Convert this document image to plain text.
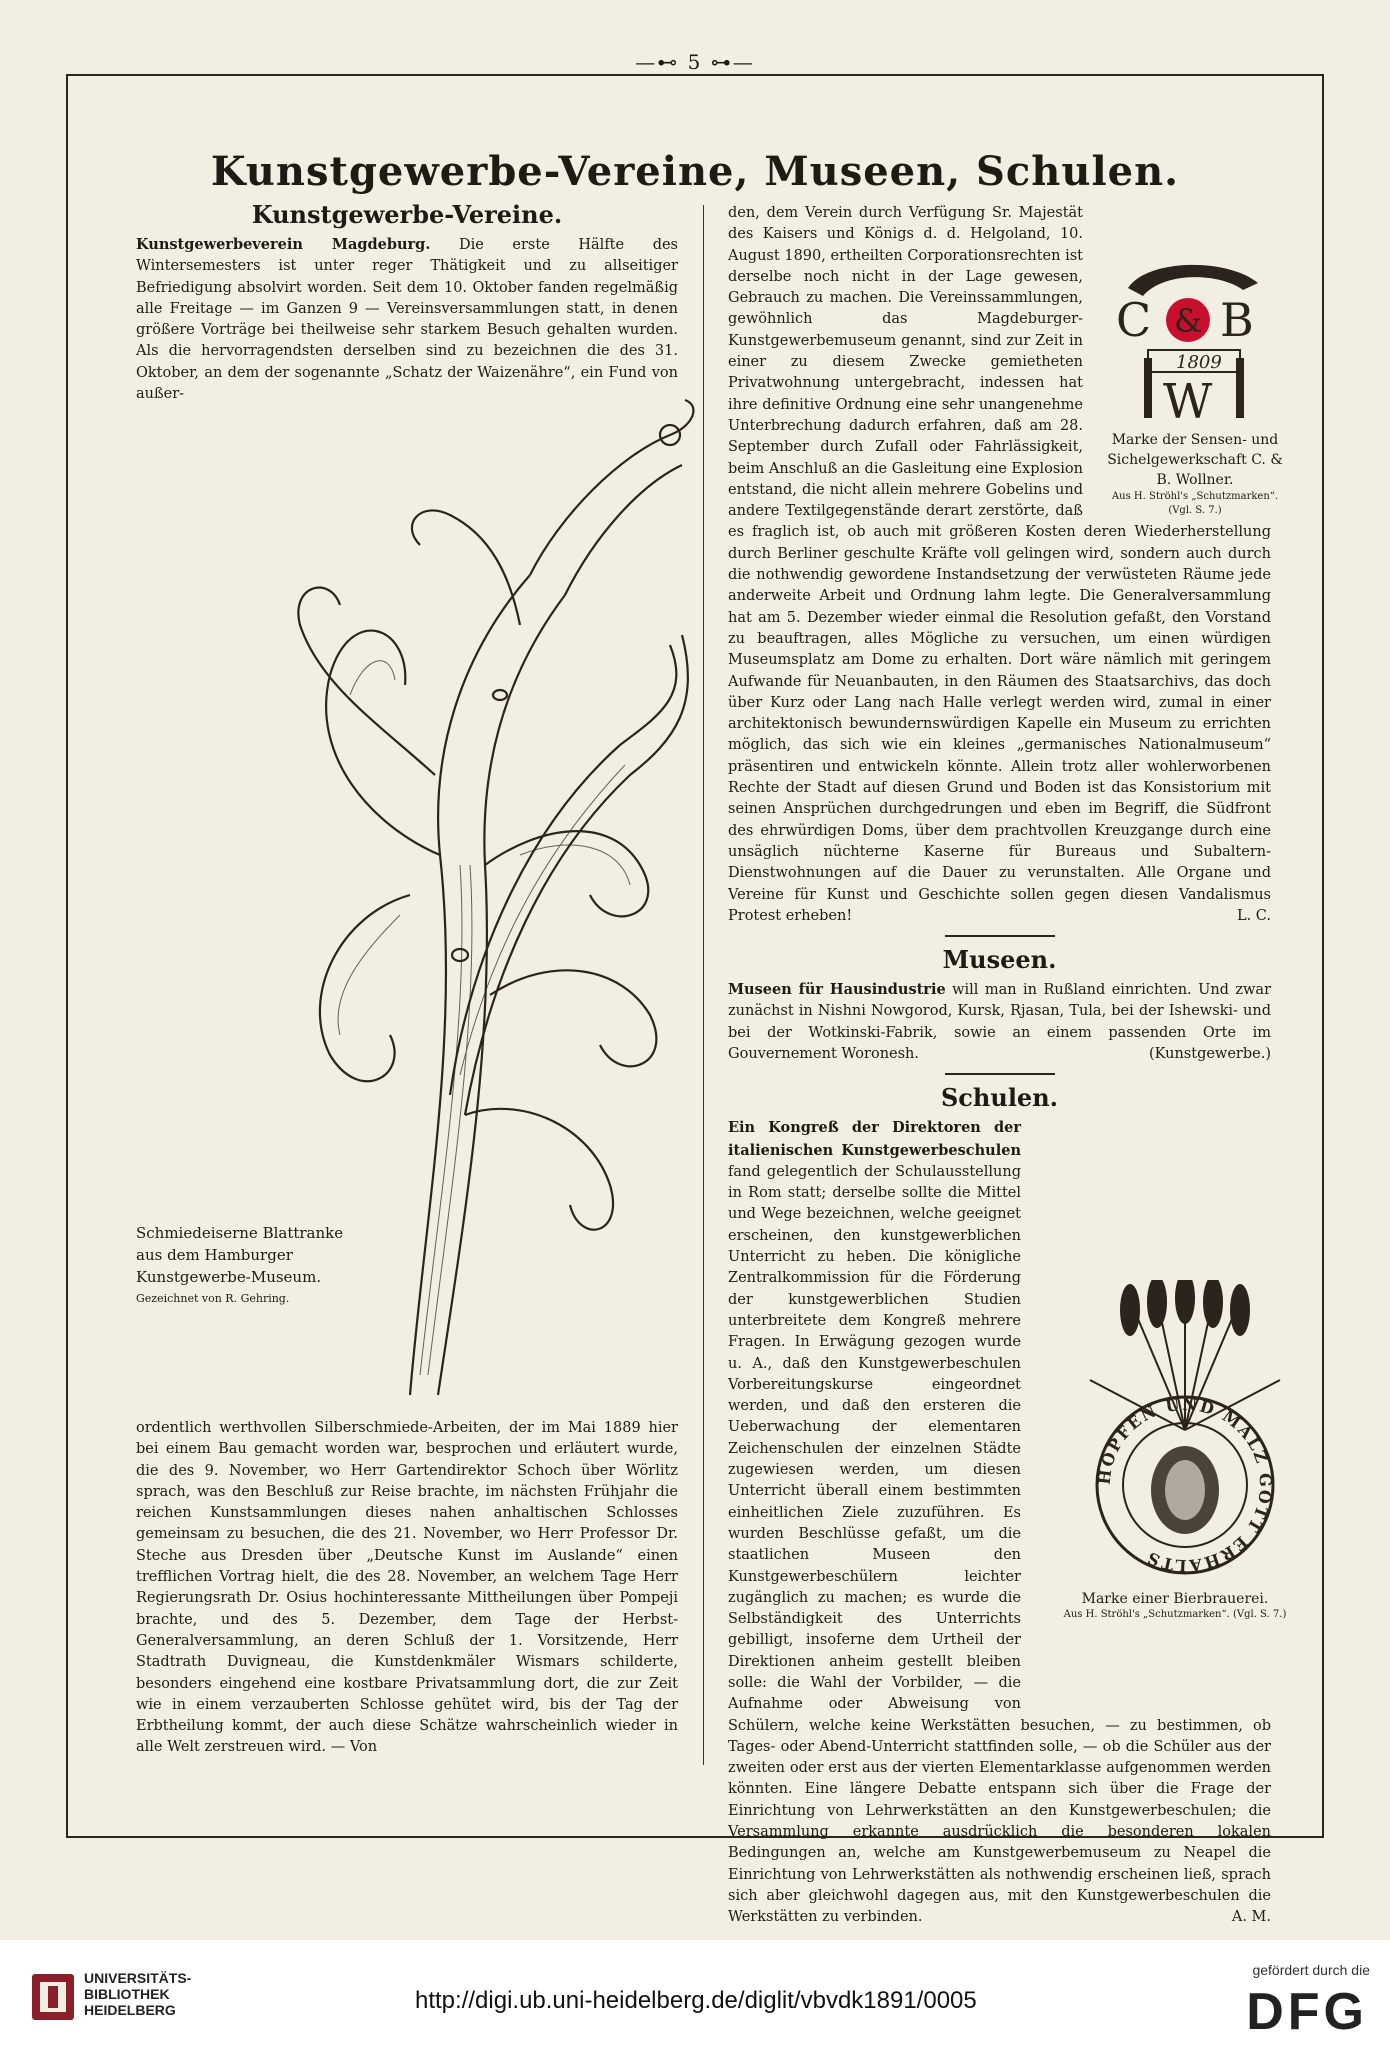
—⊷ 5 ⊶—
Kunstgewerbe-Vereine, Museen, Schulen.
Kunstgewerbe-Vereine.

Kunstgewerbeverein Magdeburg. Die erste Hälfte des Wintersemesters ist unter reger Thätigkeit und zu allseitiger Befriedigung absolvirt worden. Seit dem 10. Oktober fanden regelmäßig alle Freitage — im Ganzen 9 — Vereinsversammlungen statt, in denen größere Vorträge bei theilweise sehr starkem Besuch gehalten wurden. Als die hervorragendsten derselben sind zu bezeichnen die des 31. Oktober, an dem der sogenannte „Schatz der Waizenähre“, ein Fund von außer-

Schmiedeiserne Blattranke aus dem Hamburger Kunstgewerbe-Museum.
Gezeichnet von R. Gehring.

ordentlich werthvollen Silberschmiede-Arbeiten, der im Mai 1889 hier bei einem Bau gemacht worden war, besprochen und erläutert wurde, die des 9. November, wo Herr Gartendirektor Schoch über Wörlitz sprach, was den Beschluß zur Reise brachte, im nächsten Frühjahr die reichen Kunstsammlungen dieses nahen anhaltischen Schlosses gemeinsam zu besuchen, die des 21. November, wo Herr Professor Dr. Steche aus Dresden über „Deutsche Kunst im Auslande“ einen trefflichen Vortrag hielt, die des 28. November, an welchem Tage Herr Regierungsrath Dr. Osius hochinteressante Mittheilungen über Pompeji brachte, und des 5. Dezember, dem Tage der Herbst-Generalversammlung, an deren Schluß der 1. Vorsitzende, Herr Stadtrath Duvigneau, die Kunstdenkmäler Wismars schilderte, besonders eingehend eine kostbare Privatsammlung dort, die zur Zeit wie in einem verzauberten Schlosse gehütet wird, bis der Tag der Erbtheilung kommt, der auch diese Schätze wahrscheinlich wieder in alle Welt zerstreuen wird. — Von

den, dem Verein durch Verfügung Sr. Majestät des Kaisers und Königs d. d. Helgoland, 10. August 1890, ertheilten Corporationsrechten ist derselbe noch nicht in der Lage gewesen, Gebrauch zu machen. Die Vereinssammlungen, gewöhnlich das Magdeburger-Kunstgewerbemuseum genannt, sind zur Zeit in einer zu diesem Zwecke gemietheten Privatwohnung untergebracht, indessen hat ihre definitive Ordnung eine sehr unangenehme Unterbrechung dadurch erfahren, daß am 28. September durch Zufall oder Fahrlässigkeit, beim Anschluß an die Gasleitung eine Explosion entstand, die nicht allein mehrere Gobelins und andere Textilgegenstände derart zerstörte, daß es fraglich ist, ob auch mit größeren Kosten deren Wiederherstellung durch Berliner geschulte Kräfte voll gelingen wird, sondern auch durch die nothwendig gewordene Instandsetzung der verwüsteten Räume jede anderweite Arbeit und Ordnung lahm legte. Die Generalversammlung hat am 5. Dezember wieder einmal die Resolution gefaßt, den Vorstand zu beauftragen, alles Mögliche zu versuchen, um einen würdigen Museumsplatz am Dome zu erhalten. Dort wäre nämlich mit geringem Aufwande für Neuanbauten, in den Räumen des Staatsarchivs, das doch über Kurz oder Lang nach Halle verlegt werden wird, zumal in einer architektonisch bewundernswürdigen Kapelle ein Museum zu errichten möglich, das sich wie ein kleines „germanisches Nationalmuseum“ präsentiren und entwickeln könnte. Allein trotz aller wohlerworbenen Rechte der Stadt auf diesen Grund und Boden ist das Konsistorium mit seinen Ansprüchen durchgedrungen und eben im Begriff, die Südfront des ehrwürdigen Doms, über dem prachtvollen Kreuzgange durch eine unsäglich nüchterne Kaserne für Bureaus und Subaltern-Dienstwohnungen auf die Dauer zu verunstalten. Alle Organe und Vereine für Kunst und Geschichte sollen gegen diesen Vandalismus Protest erheben!	L. C.

Museen.

Museen für Hausindustrie will man in Rußland einrichten. Und zwar zunächst in Nishni Nowgorod, Kursk, Rjasan, Tula, bei der Ishewski- und bei der Wotkinski-Fabrik, sowie an einem passenden Orte im Gouvernement Woronesh.	(Kunstgewerbe.)

Schulen.

Ein Kongreß der Direktoren der italienischen Kunstgewerbeschulen fand gelegentlich der Schulausstellung in Rom statt; derselbe sollte die Mittel und Wege bezeichnen, welche geeignet erscheinen, den kunstgewerblichen Unterricht zu heben. Die königliche Zentralkommission für die Förderung der kunstgewerblichen Studien unterbreitete dem Kongreß mehrere Fragen. In Erwägung gezogen wurde u. A., daß den Kunstgewerbeschulen Vorbereitungskurse eingeordnet werden, und daß den ersteren die Ueberwachung der elementaren Zeichenschulen der einzelnen Städte zugewiesen werden, um diesen Unterricht überall einem bestimmten einheitlichen Ziele zuzuführen. Es wurden Beschlüsse gefaßt, um die staatlichen Museen den Kunstgewerbeschülern leichter zugänglich zu machen; es wurde die Selbständigkeit des Unterrichts gebilligt, insoferne dem Urtheil der Direktionen anheim gestellt bleiben solle: die Wahl der Vorbilder, — die Aufnahme oder Abweisung von Schülern, welche keine Werkstätten besuchen, — zu bestimmen, ob Tages- oder Abend-Unterricht stattfinden solle, — ob die Schüler aus der zweiten oder erst aus der vierten Elementarklasse aufgenommen werden könnten. Eine längere Debatte entspann sich über die Frage der Einrichtung von Lehrwerkstätten an den Kunstgewerbeschulen; die Versammlung erkannte ausdrücklich die besonderen lokalen Bedingungen an, welche am Kunstgewerbemuseum zu Neapel die Einrichtung von Lehrwerkstätten als nothwendig erscheinen ließ, sprach sich aber gleichwohl dagegen aus, mit den Kunstgewerbeschulen die Werkstätten zu verbinden.	A. M.

C & B
1809
W
Marke der Sensen- und Sichelgewerkschaft C. & B. Wollner.
Aus H. Ströhl's „Schutzmarken“. (Vgl. S. 7.)
HOPFEN UND MALZ GOTT ERHALTS
Marke einer Bierbrauerei.
Aus H. Ströhl's „Schutzmarken“. (Vgl. S. 7.)
UNIVERSITÄTS-
BIBLIOTHEK
HEIDELBERG	http://digi.ub.uni-heidelberg.de/diglit/vbvdk1891/0005
gefördert durch die
DFG
